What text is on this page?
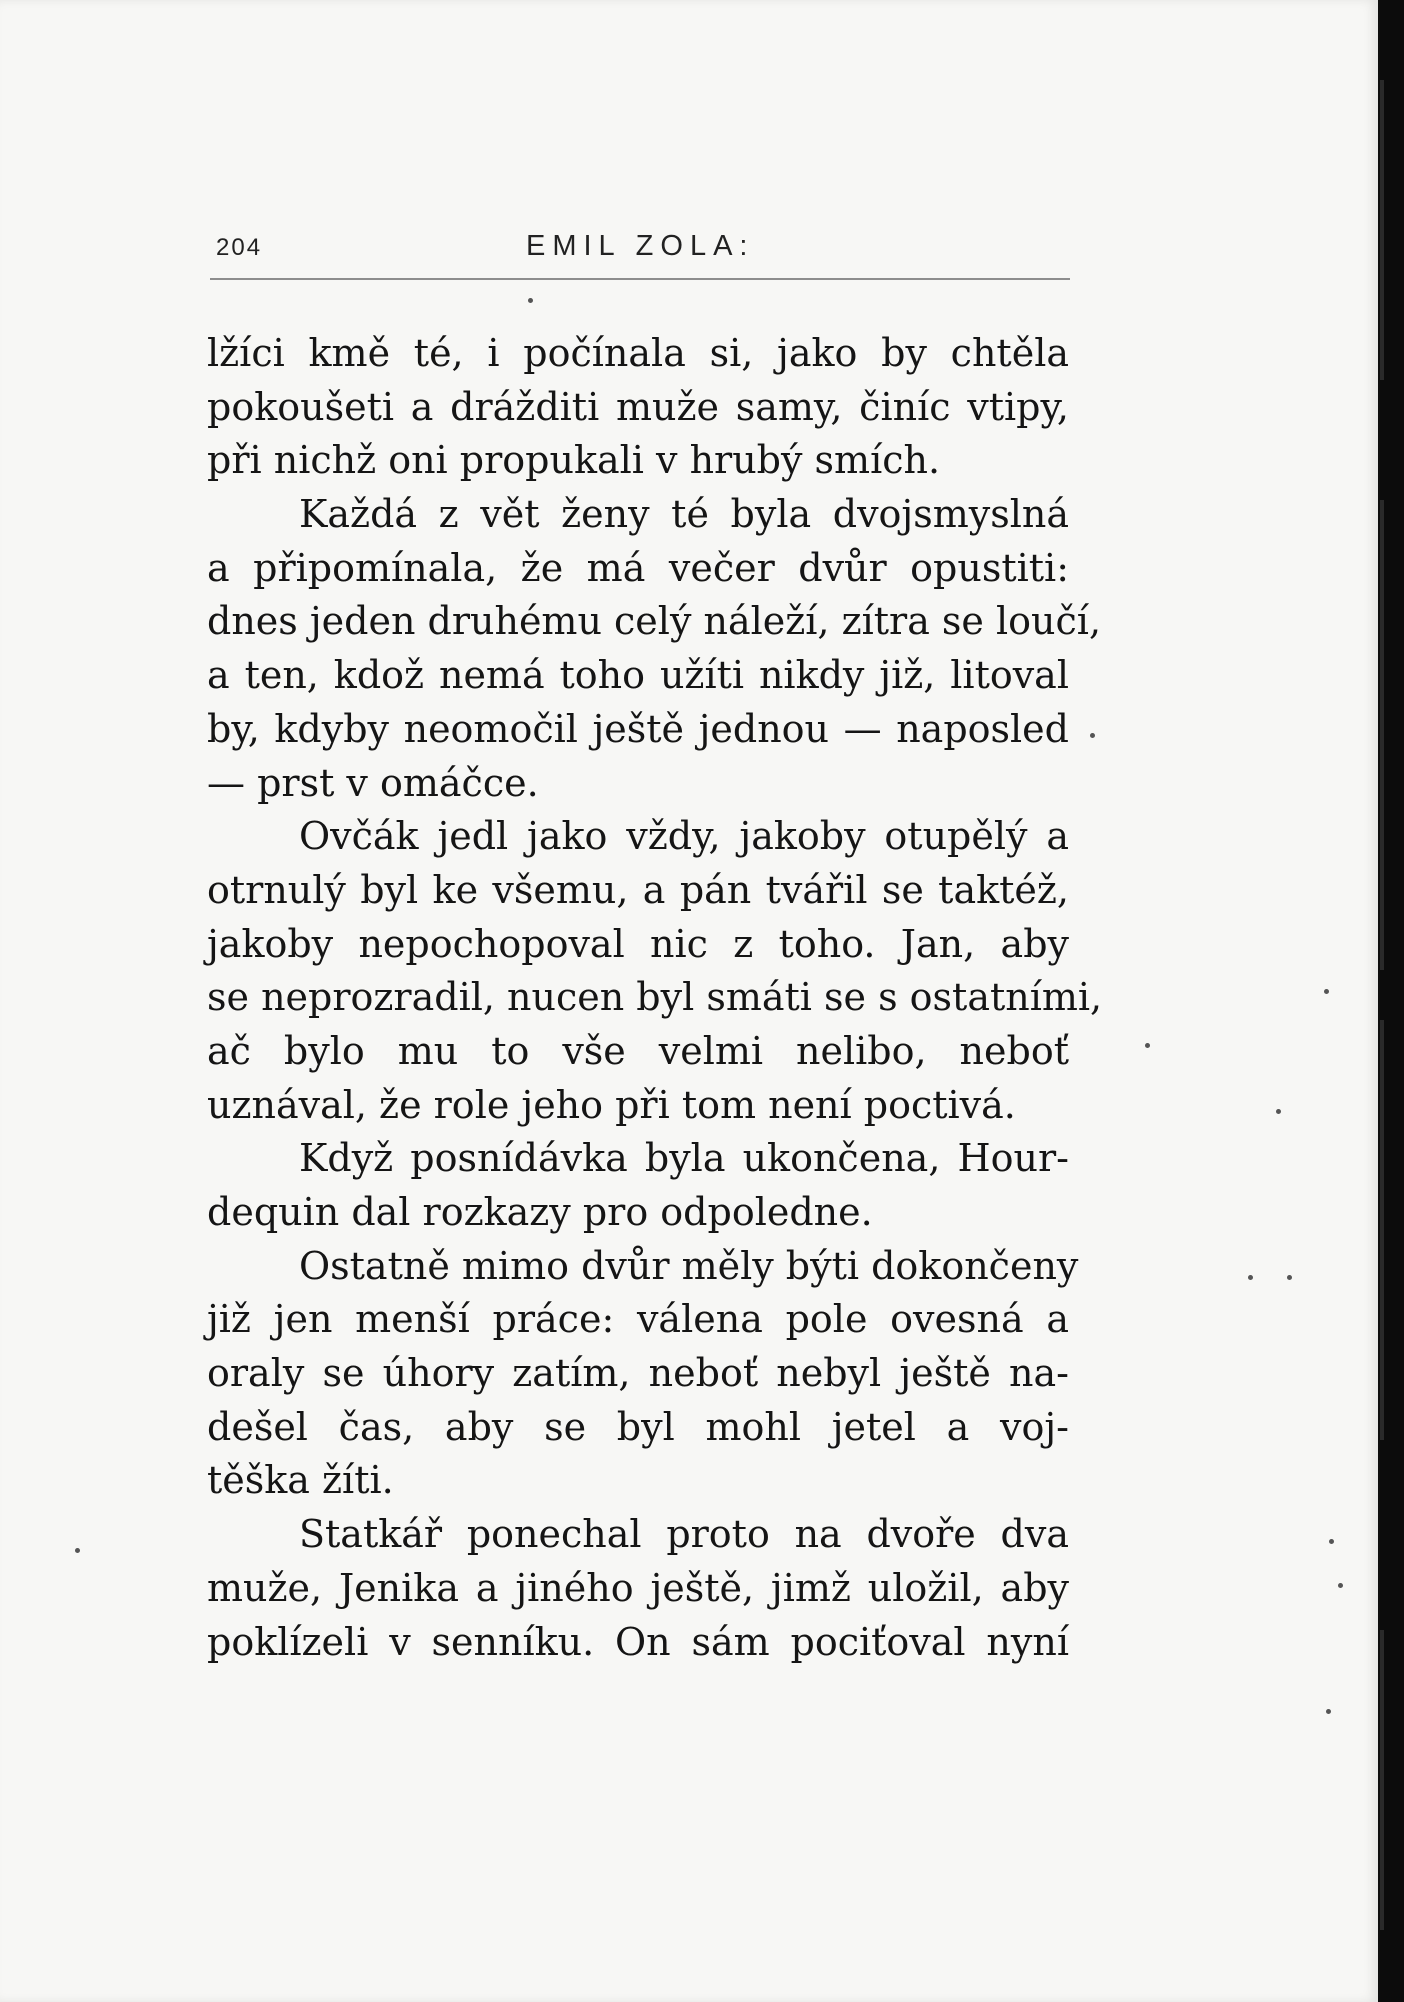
204	EMIL ZOLA:
lžíci kmě té, i počínala si, jako by chtěla
pokoušeti a drážditi muže samy, činíc vtipy,
při nichž oni propukali v hrubý smích.
Každá z vět ženy té byla dvojsmyslná
a připomínala, že má večer dvůr opustiti:
dnes jeden druhému celý náleží, zítra se loučí,
a ten, kdož nemá toho užíti nikdy již, litoval
by, kdyby neomočil ještě jednou — naposled
— prst v omáčce.
Ovčák jedl jako vždy, jakoby otupělý a
otrnulý byl ke všemu, a pán tvářil se taktéž,
jakoby nepochopoval nic z toho. Jan, aby
se neprozradil, nucen byl smáti se s ostatními,
ač bylo mu to vše velmi nelibo, neboť
uznával, že role jeho při tom není poctivá.
Když posnídávka byla ukončena, Hour-
dequin dal rozkazy pro odpoledne.
Ostatně mimo dvůr měly býti dokončeny
již jen menší práce: válena pole ovesná a
oraly se úhory zatím, neboť nebyl ještě na-
dešel čas, aby se byl mohl jetel a voj-
těška žíti.
Statkář ponechal proto na dvoře dva
muže, Jenika a jiného ještě, jimž uložil, aby
poklízeli v senníku. On sám pociťoval nyní
